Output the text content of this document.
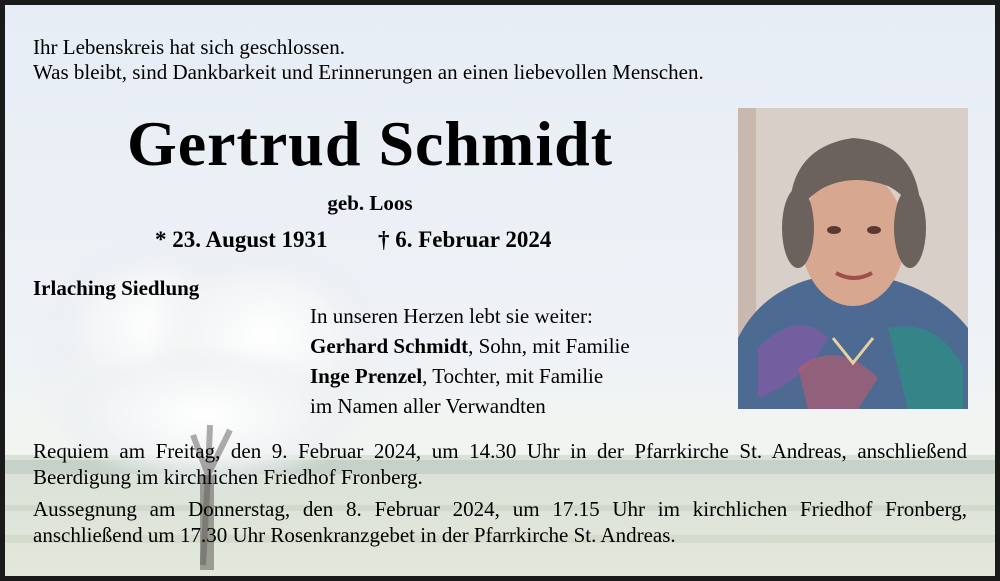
Ihr Lebenskreis hat sich geschlossen.
Was bleibt, sind Dankbarkeit und Erinnerungen an einen liebevollen Menschen.
Gertrud Schmidt
geb. Loos
* 23. August 1931 † 6. Februar 2024
Irlaching Siedlung
In unseren Herzen lebt sie weiter:
Gerhard Schmidt, Sohn, mit Familie
Inge Prenzel, Tochter, mit Familie
im Namen aller Verwandten

Requiem am Freitag, den 9. Februar 2024, um 14.30 Uhr in der Pfarrkirche St. Andreas, anschließend Beerdigung im kirchlichen Friedhof Fronberg.

Aussegnung am Donnerstag, den 8. Februar 2024, um 17.15 Uhr im kirchlichen Friedhof Fronberg, anschließend um 17.30 Uhr Rosenkranzgebet in der Pfarrkirche St. Andreas.
